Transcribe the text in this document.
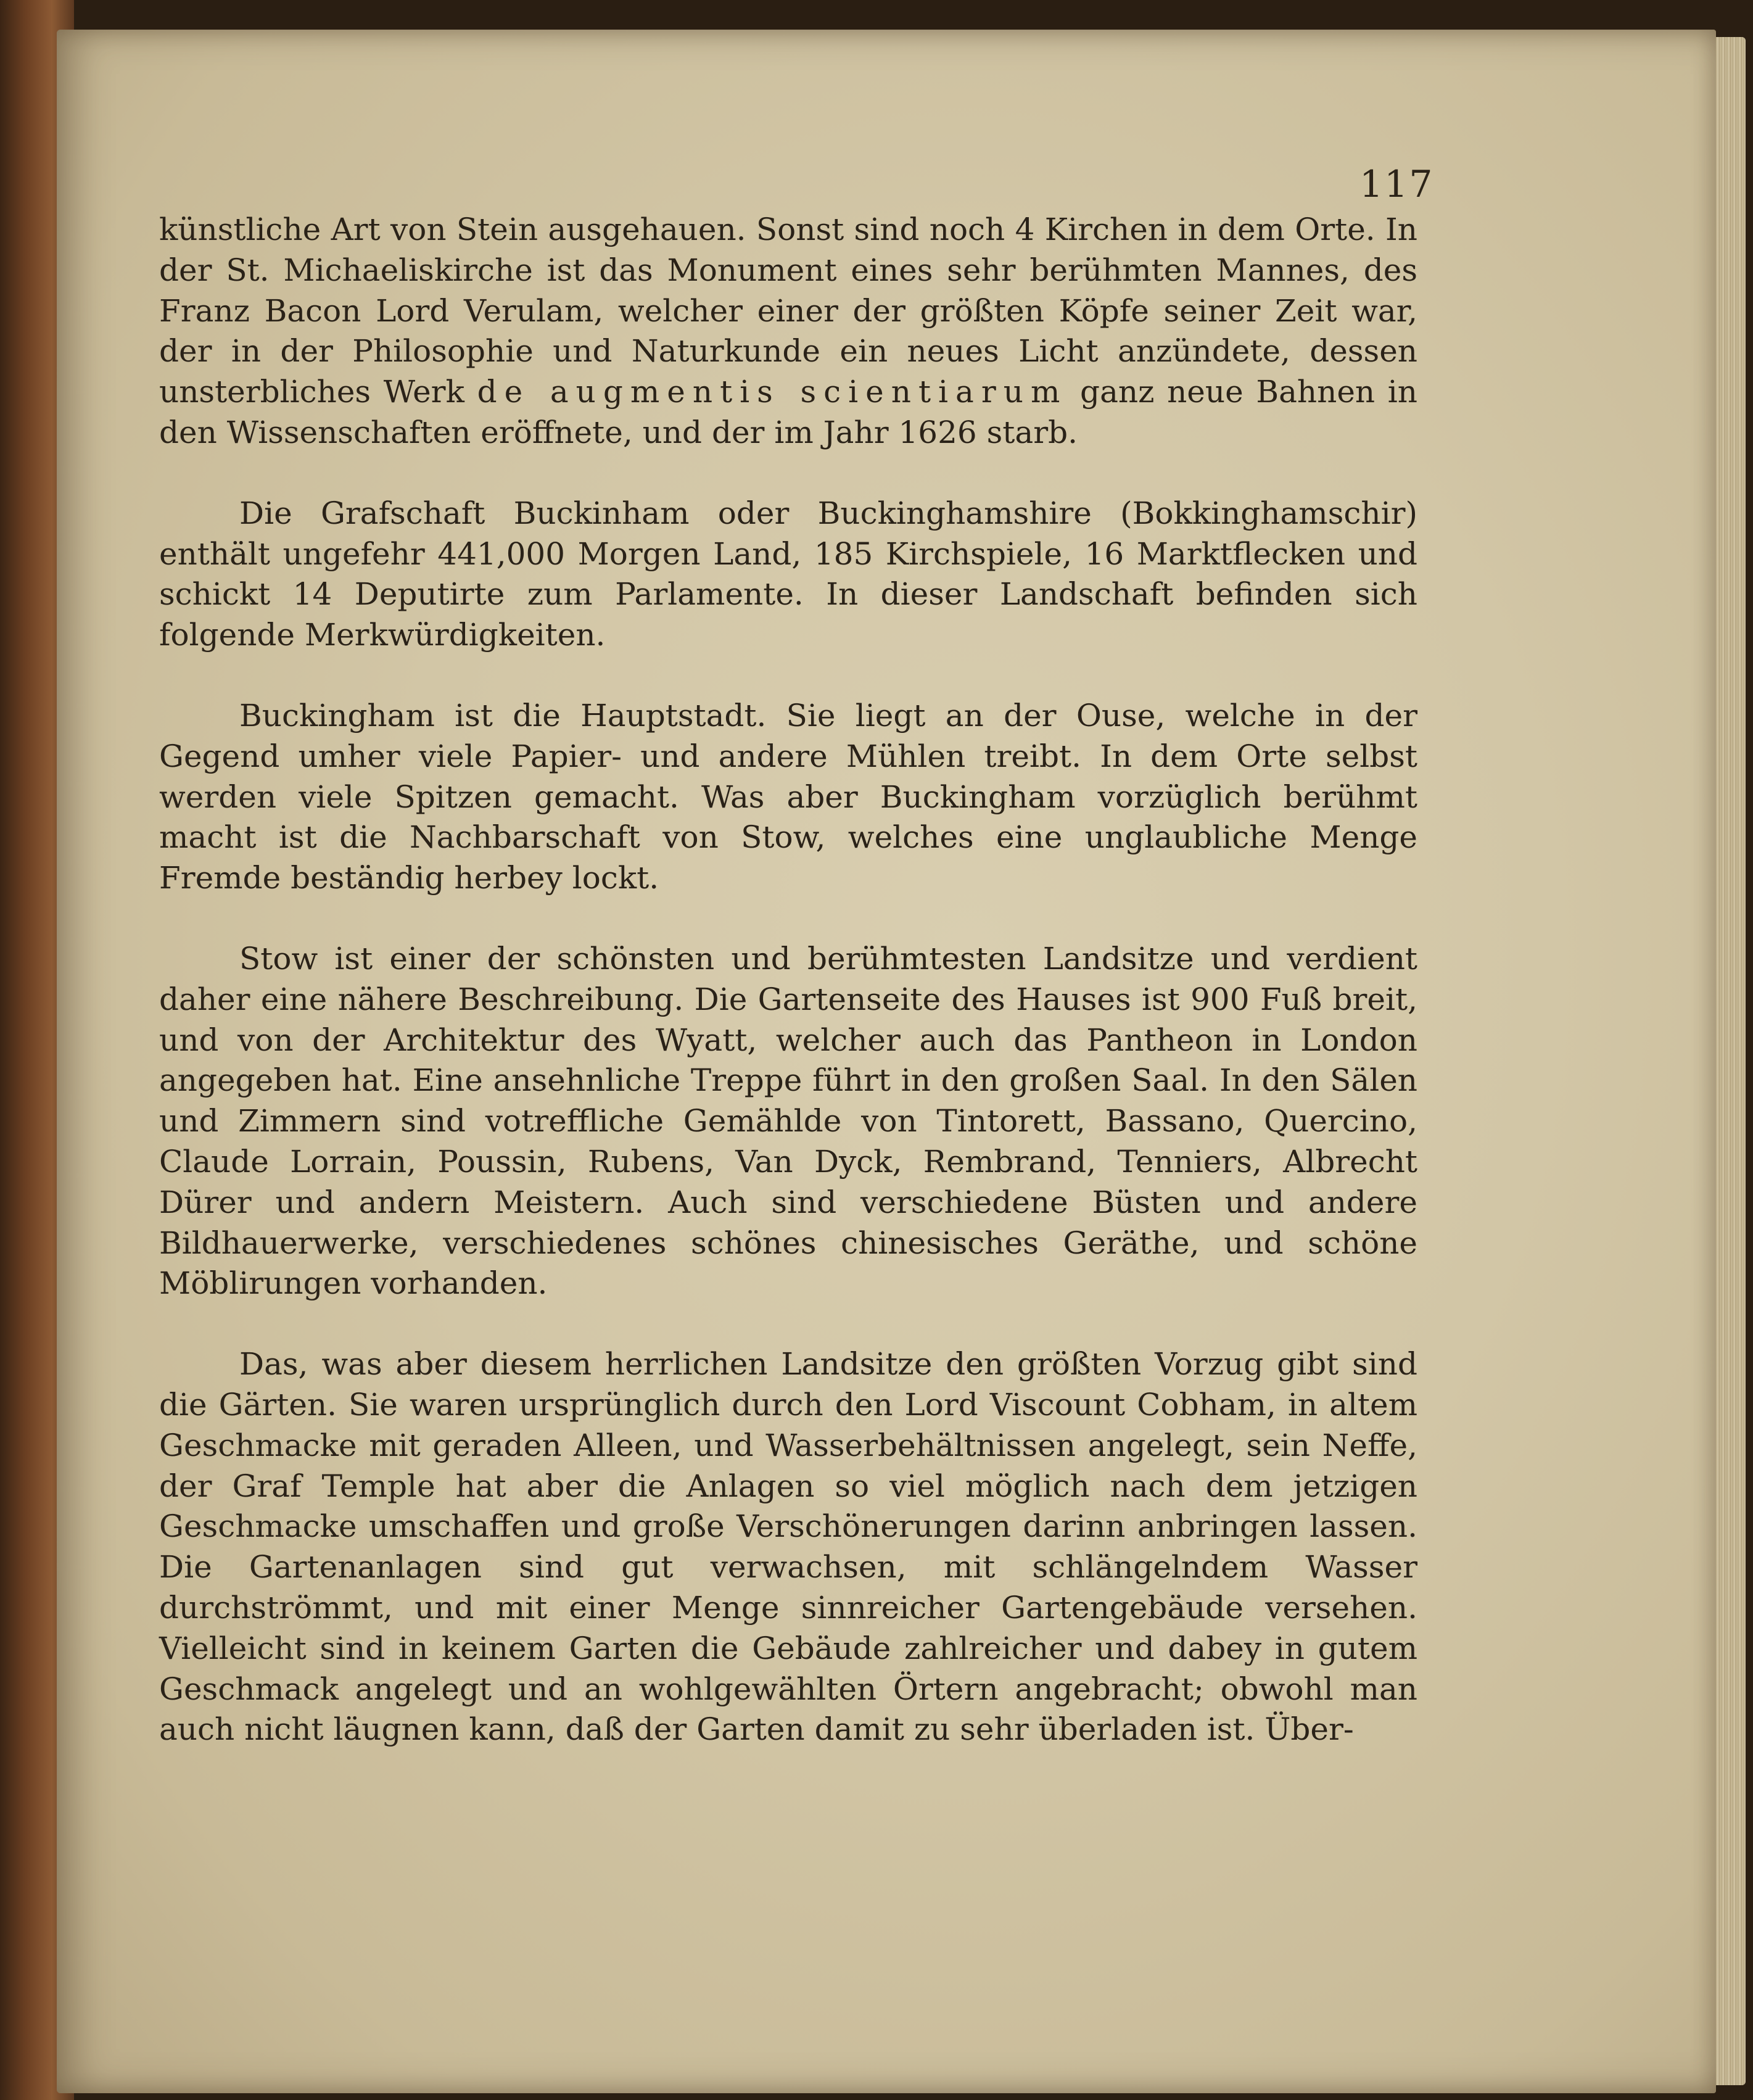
117

künstliche Art von Stein ausgehauen. Sonst sind noch 4 Kirchen in dem Orte. In der St. Michaeliskirche ist das Monument eines sehr berühmten Mannes, des Franz Bacon Lord Verulam, welcher einer der größten Köpfe seiner Zeit war, der in der Philosophie und Naturkunde ein neues Licht anzündete, dessen unsterbliches Werk de augmentis scientiarum ganz neue Bahnen in den Wissenschaften eröffnete, und der im Jahr 1626 starb.

Die Grafschaft Buckinham oder Buckinghamshire (Bokkinghamschir) enthält ungefehr 441,000 Morgen Land, 185 Kirchspiele, 16 Marktflecken und schickt 14 Deputirte zum Parlamente. In dieser Landschaft befinden sich folgende Merkwürdigkeiten.

Buckingham ist die Hauptstadt. Sie liegt an der Ouse, welche in der Gegend umher viele Papier- und andere Mühlen treibt. In dem Orte selbst werden viele Spitzen gemacht. Was aber Buckingham vorzüglich berühmt macht ist die Nachbarschaft von Stow, welches eine unglaubliche Menge Fremde beständig herbey lockt.

Stow ist einer der schönsten und berühmtesten Landsitze und verdient daher eine nähere Beschreibung. Die Gartenseite des Hauses ist 900 Fuß breit, und von der Architektur des Wyatt, welcher auch das Pantheon in London angegeben hat. Eine ansehnliche Treppe führt in den großen Saal. In den Sälen und Zimmern sind votreffliche Gemählde von Tintorett, Bassano, Quercino, Claude Lorrain, Poussin, Rubens, Van Dyck, Rembrand, Tenniers, Albrecht Dürer und andern Meistern. Auch sind verschiedene Büsten und andere Bildhauerwerke, verschiedenes schönes chinesisches Geräthe, und schöne Möblirungen vorhanden.

Das, was aber diesem herrlichen Landsitze den größten Vorzug gibt sind die Gärten. Sie waren ursprünglich durch den Lord Viscount Cobham, in altem Geschmacke mit geraden Alleen, und Wasserbehältnissen angelegt, sein Neffe, der Graf Temple hat aber die Anlagen so viel möglich nach dem jetzigen Geschmacke umschaffen und große Verschönerungen darinn anbringen lassen. Die Gartenanlagen sind gut verwachsen, mit schlängelndem Wasser durchströmmt, und mit einer Menge sinnreicher Gartengebäude versehen. Vielleicht sind in keinem Garten die Gebäude zahlreicher und dabey in gutem Geschmack angelegt und an wohlgewählten Örtern angebracht; obwohl man auch nicht läugnen kann, daß der Garten damit zu sehr überladen ist. Über-
